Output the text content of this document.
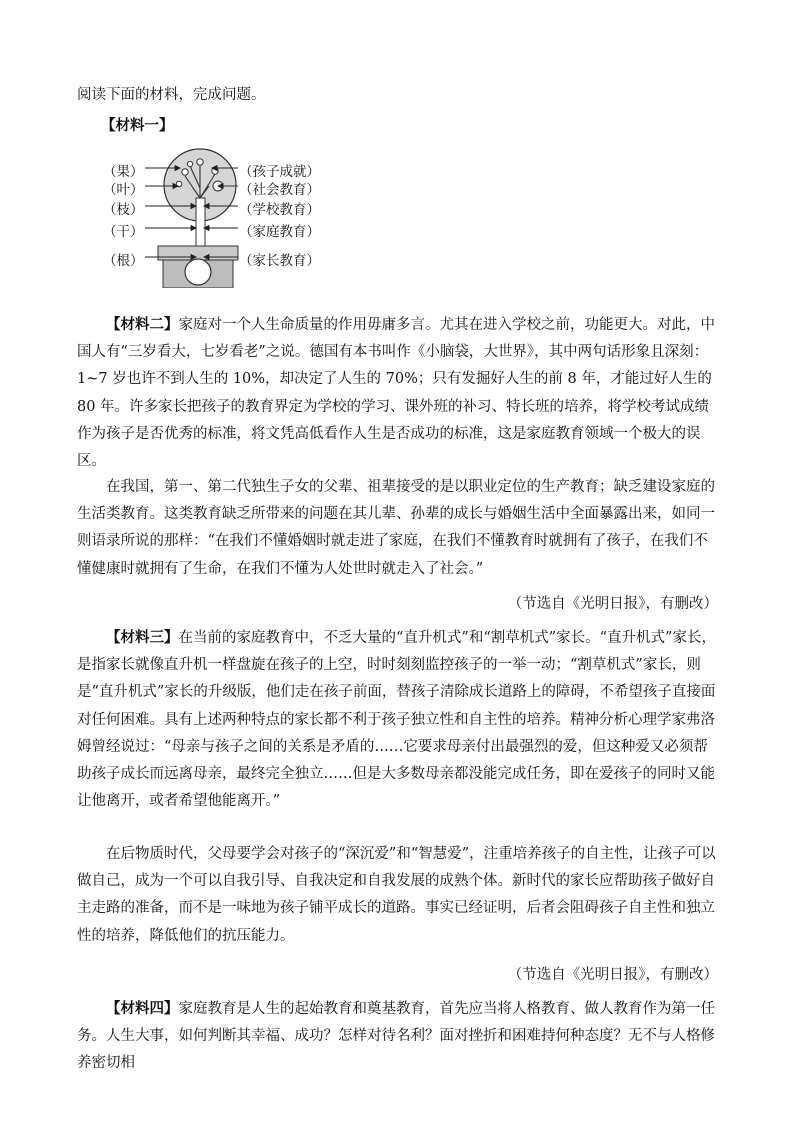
阅读下面的材料，完成问题。
【材料一】
（果）
（叶）
（枝）
（干）
（根）
（孩子成就）
（社会教育）
（学校教育）
（家庭教育）
（家长教育）
【材料二】家庭对一个人生命质量的作用毋庸多言。尤其在进入学校之前，功能更大。对此，中国人有“三岁看大，七岁看老”之说。德国有本书叫作《小脑袋，大世界》，其中两句话形象且深刻：1~7 岁也许不到人生的 10%，却决定了人生的 70%；只有发掘好人生的前 8 年，才能过好人生的 80 年。许多家长把孩子的教育界定为学校的学习、课外班的补习、特长班的培养，将学校考试成绩作为孩子是否优秀的标准，将文凭高低看作人生是否成功的标准，这是家庭教育领域一个极大的误区。
在我国，第一、第二代独生子女的父辈、祖辈接受的是以职业定位的生产教育；缺乏建设家庭的生活类教育。这类教育缺乏所带来的问题在其儿辈、孙辈的成长与婚姻生活中全面暴露出来，如同一则语录所说的那样：“在我们不懂婚姻时就走进了家庭，在我们不懂教育时就拥有了孩子，在我们不懂健康时就拥有了生命，在我们不懂为人处世时就走入了社会。”
（节选自《光明日报》，有删改）
【材料三】在当前的家庭教育中，不乏大量的“直升机式”和“割草机式”家长。“直升机式”家长，是指家长就像直升机一样盘旋在孩子的上空，时时刻刻监控孩子的一举一动；“割草机式”家长，则是“直升机式”家长的升级版，他们走在孩子前面，替孩子清除成长道路上的障碍，不希望孩子直接面对任何困难。具有上述两种特点的家长都不利于孩子独立性和自主性的培养。精神分析心理学家弗洛姆曾经说过：“母亲与孩子之间的关系是矛盾的……它要求母亲付出最强烈的爱，但这种爱又必须帮助孩子成长而远离母亲，最终完全独立……但是大多数母亲都没能完成任务，即在爱孩子的同时又能让他离开，或者希望他能离开。”
在后物质时代，父母要学会对孩子的“深沉爱”和“智慧爱”，注重培养孩子的自主性，让孩子可以做自己，成为一个可以自我引导、自我决定和自我发展的成熟个体。新时代的家长应帮助孩子做好自主走路的准备，而不是一味地为孩子铺平成长的道路。事实已经证明，后者会阻碍孩子自主性和独立性的培养，降低他们的抗压能力。
（节选自《光明日报》，有删改）
【材料四】家庭教育是人生的起始教育和奠基教育，首先应当将人格教育、做人教育作为第一任务。人生大事，如何判断其幸福、成功？怎样对待名利？面对挫折和困难持何种态度？无不与人格修养密切相
